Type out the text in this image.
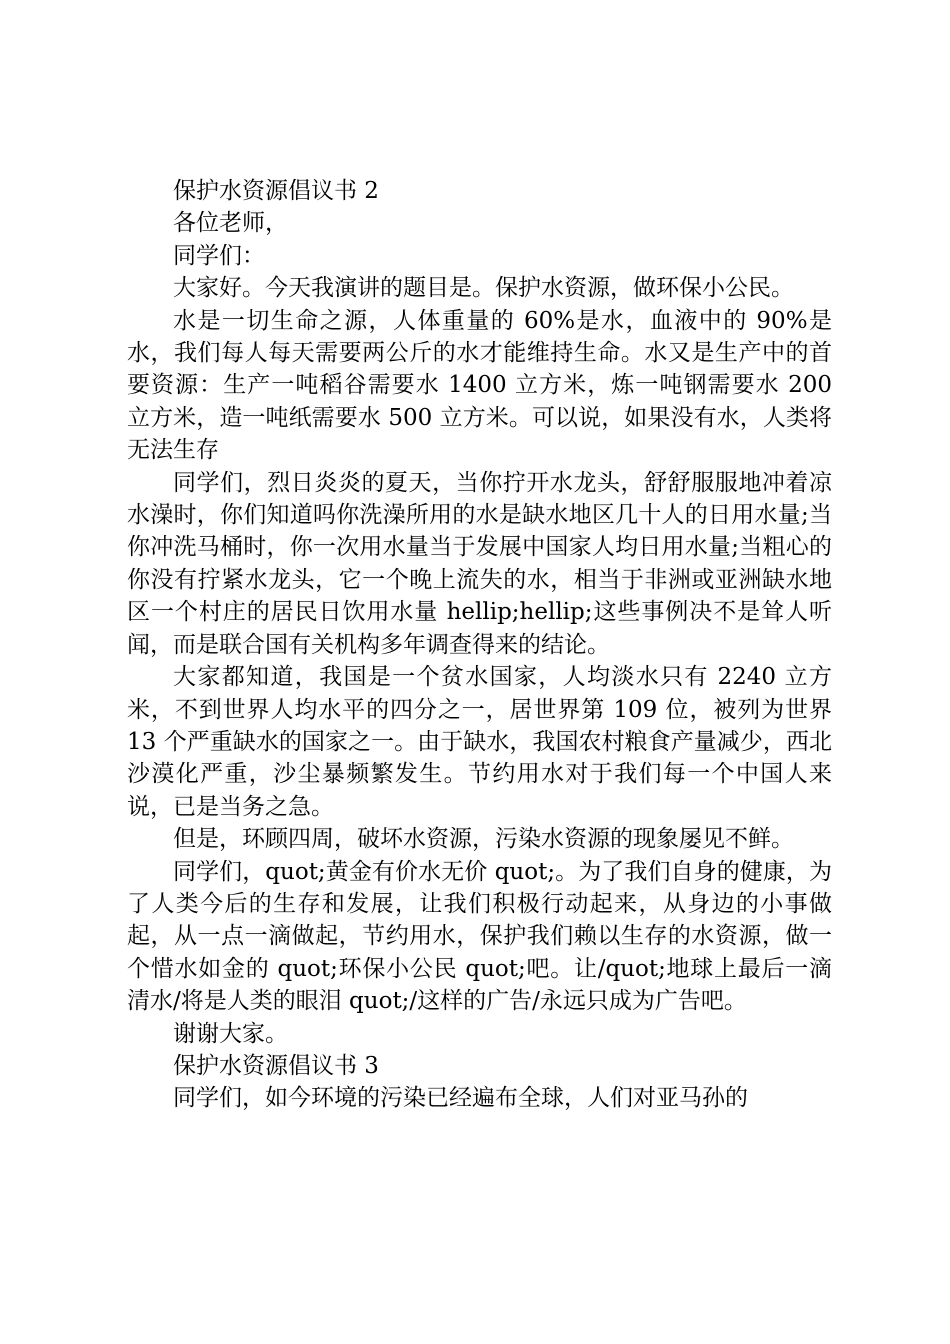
保护水资源倡议书 2

各位老师，

同学们：

大家好。今天我演讲的题目是。保护水资源，做环保小公民。

水是一切生命之源，人体重量的 60%是水，血液中的 90%是水，我们每人每天需要两公斤的水才能维持生命。水又是生产中的首要资源：生产一吨稻谷需要水 1400 立方米，炼一吨钢需要水 200 立方米，造一吨纸需要水 500 立方米。可以说，如果没有水，人类将无法生存

同学们，烈日炎炎的夏天，当你拧开水龙头，舒舒服服地冲着凉水澡时，你们知道吗你洗澡所用的水是缺水地区几十人的日用水量;当你冲洗马桶时，你一次用水量当于发展中国家人均日用水量;当粗心的你没有拧紧水龙头，它一个晚上流失的水，相当于非洲或亚洲缺水地区一个村庄的居民日饮用水量 hellip;hellip;这些事例决不是耸人听闻，而是联合国有关机构多年调查得来的结论。

大家都知道，我国是一个贫水国家，人均淡水只有 2240 立方米，不到世界人均水平的四分之一，居世界第 109 位，被列为世界 13 个严重缺水的国家之一。由于缺水，我国农村粮食产量减少，西北沙漠化严重，沙尘暴频繁发生。节约用水对于我们每一个中国人来说，已是当务之急。

但是，环顾四周，破坏水资源，污染水资源的现象屡见不鲜。

同学们，quot;黄金有价水无价 quot;。为了我们自身的健康，为了人类今后的生存和发展，让我们积极行动起来，从身边的小事做起，从一点一滴做起，节约用水，保护我们赖以生存的水资源，做一个惜水如金的 quot;环保小公民 quot;吧。让/quot;地球上最后一滴清水/将是人类的眼泪 quot;/这样的广告/永远只成为广告吧。

谢谢大家。

保护水资源倡议书 3

同学们，如今环境的污染已经遍布全球，人们对亚马孙的
